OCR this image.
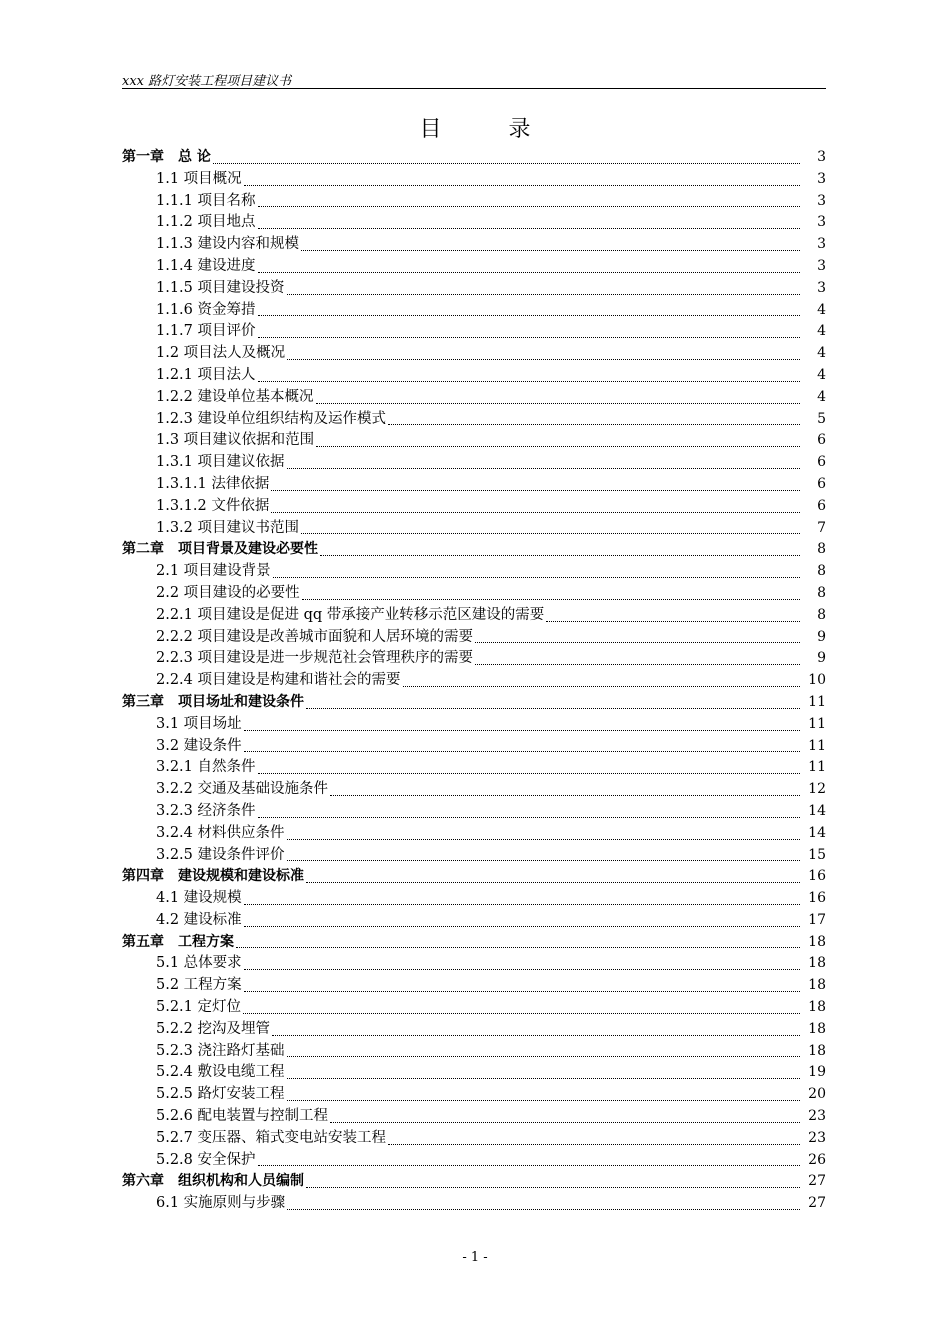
xxx 路灯安装工程项目建议书
目 录
第一章　总 论	3
1.1 项目概况	3
1.1.1 项目名称	3
1.1.2 项目地点	3
1.1.3 建设内容和规模	3
1.1.4 建设进度	3
1.1.5 项目建设投资	3
1.1.6 资金筹措	4
1.1.7 项目评价	4
1.2 项目法人及概况	4
1.2.1 项目法人	4
1.2.2 建设单位基本概况	4
1.2.3 建设单位组织结构及运作模式	5
1.3 项目建议依据和范围	6
1.3.1 项目建议依据	6
1.3.1.1 法律依据	6
1.3.1.2 文件依据	6
1.3.2 项目建议书范围	7
第二章　项目背景及建设必要性	8
2.1 项目建设背景	8
2.2 项目建设的必要性	8
2.2.1 项目建设是促进 qq 带承接产业转移示范区建设的需要	8
2.2.2 项目建设是改善城市面貌和人居环境的需要	9
2.2.3 项目建设是进一步规范社会管理秩序的需要	9
2.2.4 项目建设是构建和谐社会的需要	10
第三章　项目场址和建设条件	11
3.1 项目场址	11
3.2 建设条件	11
3.2.1 自然条件	11
3.2.2 交通及基础设施条件	12
3.2.3 经济条件	14
3.2.4 材料供应条件	14
3.2.5 建设条件评价	15
第四章　建设规模和建设标准	16
4.1 建设规模	16
4.2 建设标准	17
第五章　工程方案	18
5.1 总体要求	18
5.2 工程方案	18
5.2.1 定灯位	18
5.2.2 挖沟及埋管	18
5.2.3 浇注路灯基础	18
5.2.4 敷设电缆工程	19
5.2.5 路灯安装工程	20
5.2.6 配电装置与控制工程	23
5.2.7 变压器、箱式变电站安装工程	23
5.2.8 安全保护	26
第六章　组织机构和人员编制	27
6.1 实施原则与步骤	27
- 1 -
